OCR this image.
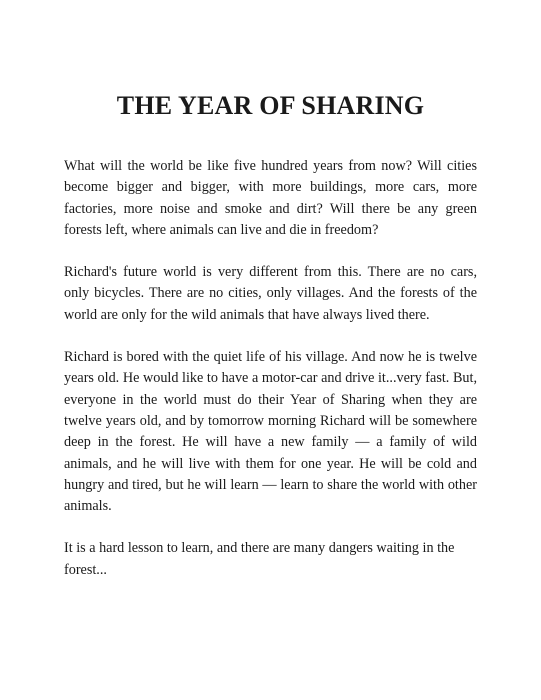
THE YEAR OF SHARING

What will the world be like five hundred years from now? Will cities become bigger and bigger, with more buildings, more cars, more factories, more noise and smoke and dirt? Will there be any green forests left, where animals can live and die in freedom?

Richard's future world is very different from this. There are no cars, only bicycles. There are no cities, only villages. And the forests of the world are only for the wild animals that have always lived there.

Richard is bored with the quiet life of his village. And now he is twelve years old. He would like to have a motor-car and drive it...very fast. But, everyone in the world must do their Year of Sharing when they are twelve years old, and by tomorrow morning Richard will be somewhere deep in the forest. He will have a new family — a family of wild animals, and he will live with them for one year. He will be cold and hungry and tired, but he will learn — learn to share the world with other animals.

It is a hard lesson to learn, and there are many dangers waiting in the forest...
